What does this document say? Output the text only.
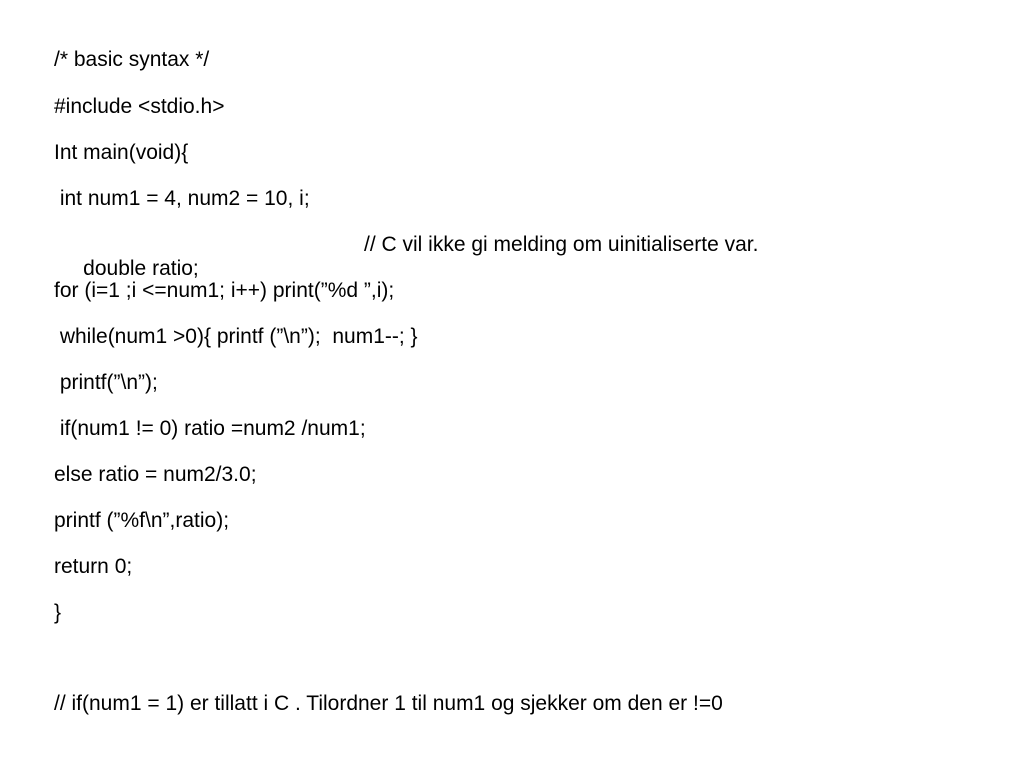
/* basic syntax */
#include <stdio.h>
Int main(void){
int num1 = 4, num2 = 10, i;

double ratio;

// C vil ikke gi melding om uinitialiserte var.
for (i=1 ;i <=num1; i++) print(”%d ”,i);
while(num1 >0){ printf (”\n”);  num1--; }
printf(”\n”);
if(num1 != 0) ratio =num2 /num1;
else ratio = num2/3.0;
printf (”%f\n”,ratio);
return 0;
}
// if(num1 = 1) er tillatt i C . Tilordner 1 til num1 og sjekker om den er !=0
